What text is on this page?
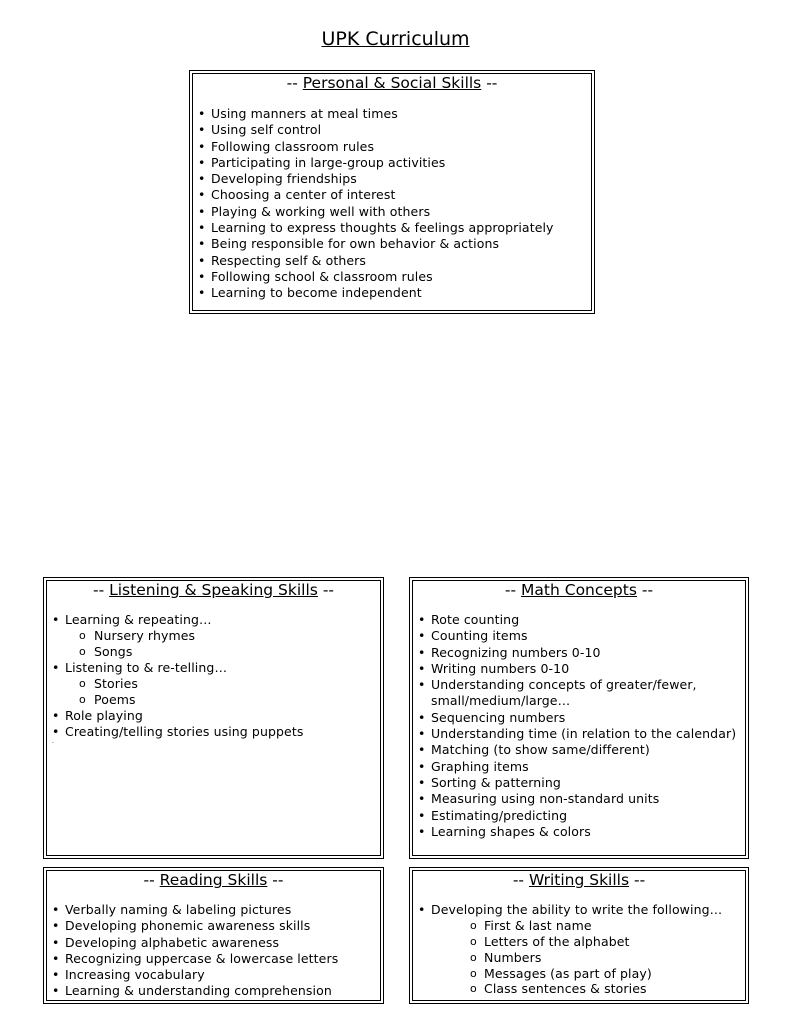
UPK Curriculum
-- Personal & Social Skills --
• Using manners at meal times
• Using self control
• Following classroom rules
• Participating in large-group activities
• Developing friendships
• Choosing a center of interest
• Playing & working well with others
• Learning to express thoughts & feelings appropriately
• Being responsible for own behavior & actions
• Respecting self & others
• Following school & classroom rules
• Learning to become independent
-- Listening & Speaking Skills --
• Learning & repeating…
o Nursery rhymes
o Songs
• Listening to & re-telling…
o Stories
o Poems
• Role playing
• Creating/telling stories using puppets
.
-- Math Concepts --
• Rote counting
• Counting items
• Recognizing numbers 0-10
• Writing numbers 0-10
• Understanding concepts of greater/fewer, small/medium/large…
• Sequencing numbers
• Understanding time (in relation to the calendar)
• Matching (to show same/different)
• Graphing items
• Sorting & patterning
• Measuring using non-standard units
• Estimating/predicting
• Learning shapes & colors
-- Reading Skills --
• Verbally naming & labeling pictures
• Developing phonemic awareness skills
• Developing alphabetic awareness
• Recognizing uppercase & lowercase letters
• Increasing vocabulary
• Learning & understanding comprehension
-- Writing Skills --
• Developing the ability to write the following…
o First & last name
o Letters of the alphabet
o Numbers
o Messages (as part of play)
o Class sentences & stories
